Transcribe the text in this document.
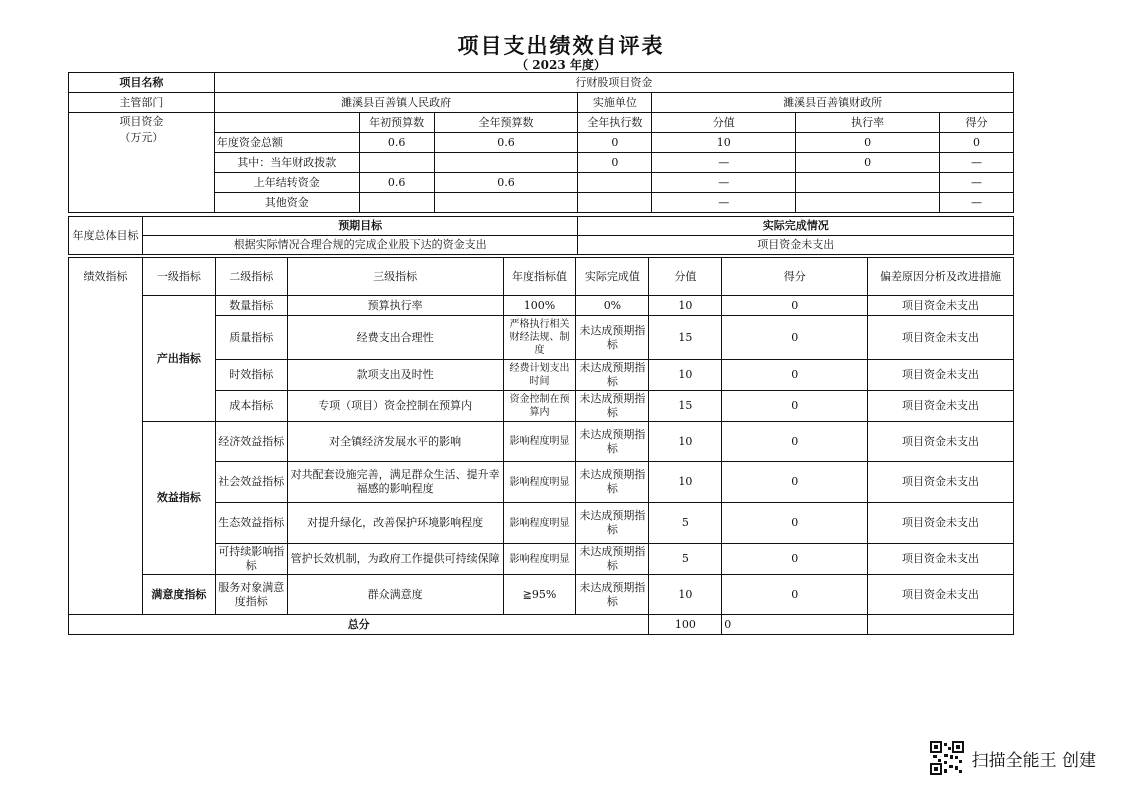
项目支出绩效自评表
（ 2023 年度）
项目名称	行财股项目资金						
主管部门	濉溪县百善镇人民政府			实施单位	濉溪县百善镇财政所		

项目资金
（万元）		年初预算数	全年预算数	全年执行数	分值	执行率	得分
	年度资金总额	0.6	0.6	0	10	0	0
	其中：当年财政拨款			0	—	0	—
	上年结转资金	0.6	0.6		—		—
	其他资金				—		—
年度总体目标	预期目标	实际完成情况
	根据实际情况合理合规的完成企业股下达的资金支出	项目资金未支出
绩效指标	一级指标	二级指标	三级指标	年度指标值	实际完成值	分值	得分	偏差原因分析及改进措施
	产出指标	数量指标	预算执行率	100%	0%	10	0	项目资金未支出
		质量指标	经费支出合理性	严格执行相关财经法规、制度	未达成预期指标	15	0	项目资金未支出
		时效指标	款项支出及时性	经费计划支出时间	未达成预期指标	10	0	项目资金未支出
		成本指标	专项（项目）资金控制在预算内	资金控制在预算内	未达成预期指标	15	0	项目资金未支出
	效益指标	经济效益指标	对全镇经济发展水平的影响	影响程度明显	未达成预期指标	10	0	项目资金未支出
		社会效益指标	对共配套设施完善，满足群众生活、提升幸福感的影响程度	影响程度明显	未达成预期指标	10	0	项目资金未支出
		生态效益指标	对提升绿化，改善保护环境影响程度	影响程度明显	未达成预期指标	5	0	项目资金未支出
		可持续影响指标	管护长效机制，为政府工作提供可持续保障	影响程度明显	未达成预期指标	5	0	项目资金未支出
	满意度指标	服务对象满意度指标	群众满意度	≧95%	未达成预期指标	10	0	项目资金未支出
总分						100	0	
扫描全能王 创建
